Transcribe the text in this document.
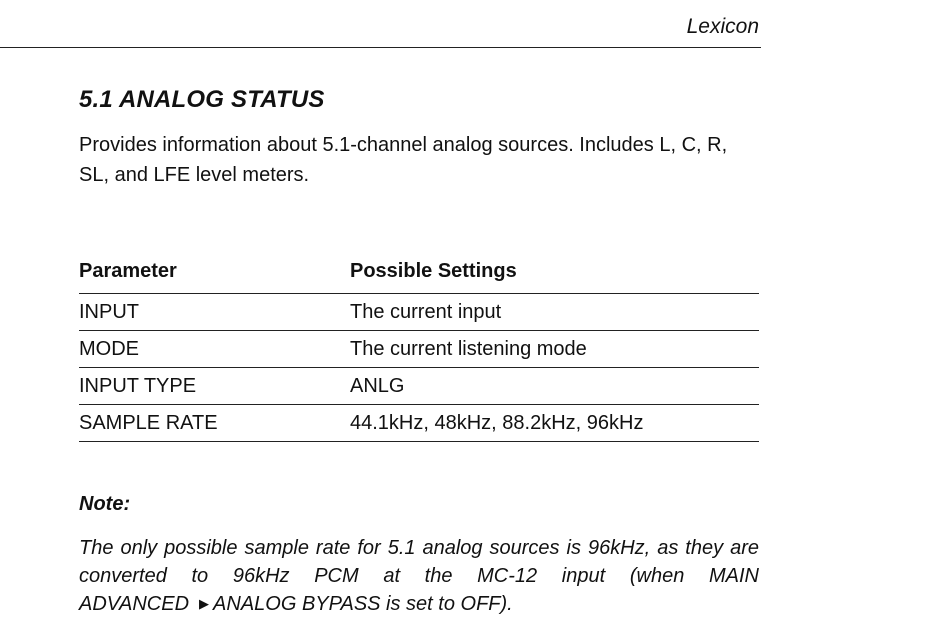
Lexicon
5.1 ANALOG STATUS

Provides information about 5.1-channel analog sources. Includes L, C, R, SL, and LFE level meters.

Parameter	Possible Settings
INPUT	The current input
MODE	The current listening mode
INPUT TYPE	ANLG
SAMPLE RATE	44.1kHz, 48kHz, 88.2kHz, 96kHz

Note:

The only possible sample rate for 5.1 analog sources is 96kHz, as they are converted to 96kHz PCM at the MC-12 input (when MAIN ADVANCED ▶ ANALOG BYPASS is set to OFF).
